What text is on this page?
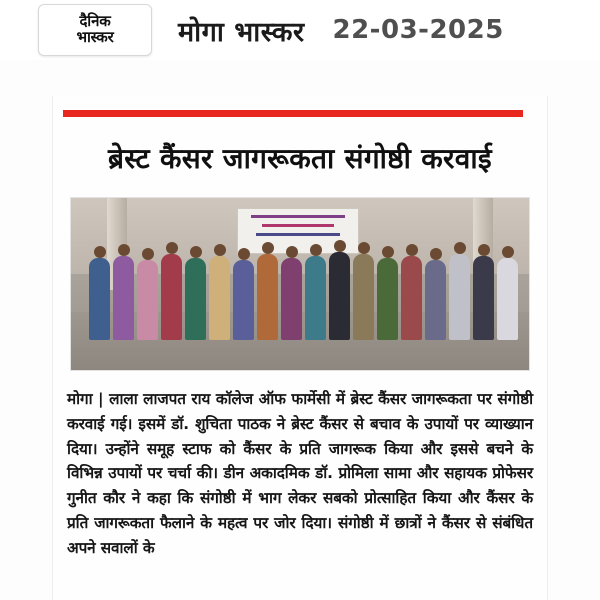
दैनिक
भास्कर मोगा भास्कर 22-03-2025
ब्रेस्ट कैंसर जागरूकता संगोष्ठी करवाई
मोगा | लाला लाजपत राय कॉलेज ऑफ फार्मेसी में ब्रेस्ट कैंसर जागरूकता पर संगोष्ठी करवाई गई। इसमें डॉ. शुचिता पाठक ने ब्रेस्ट कैंसर से बचाव के उपायों पर व्याख्यान दिया। उन्होंने समूह स्टाफ को कैंसर के प्रति जागरूक किया और इससे बचने के विभिन्न उपायों पर चर्चा की। डीन अकादमिक डॉ. प्रोमिला सामा और सहायक प्रोफेसर गुनीत कौर ने कहा कि संगोष्ठी में भाग लेकर सबको प्रोत्साहित किया और कैंसर के प्रति जागरूकता फैलाने के महत्व पर जोर दिया। संगोष्ठी में छात्रों ने कैंसर से संबंधित अपने सवालों के
